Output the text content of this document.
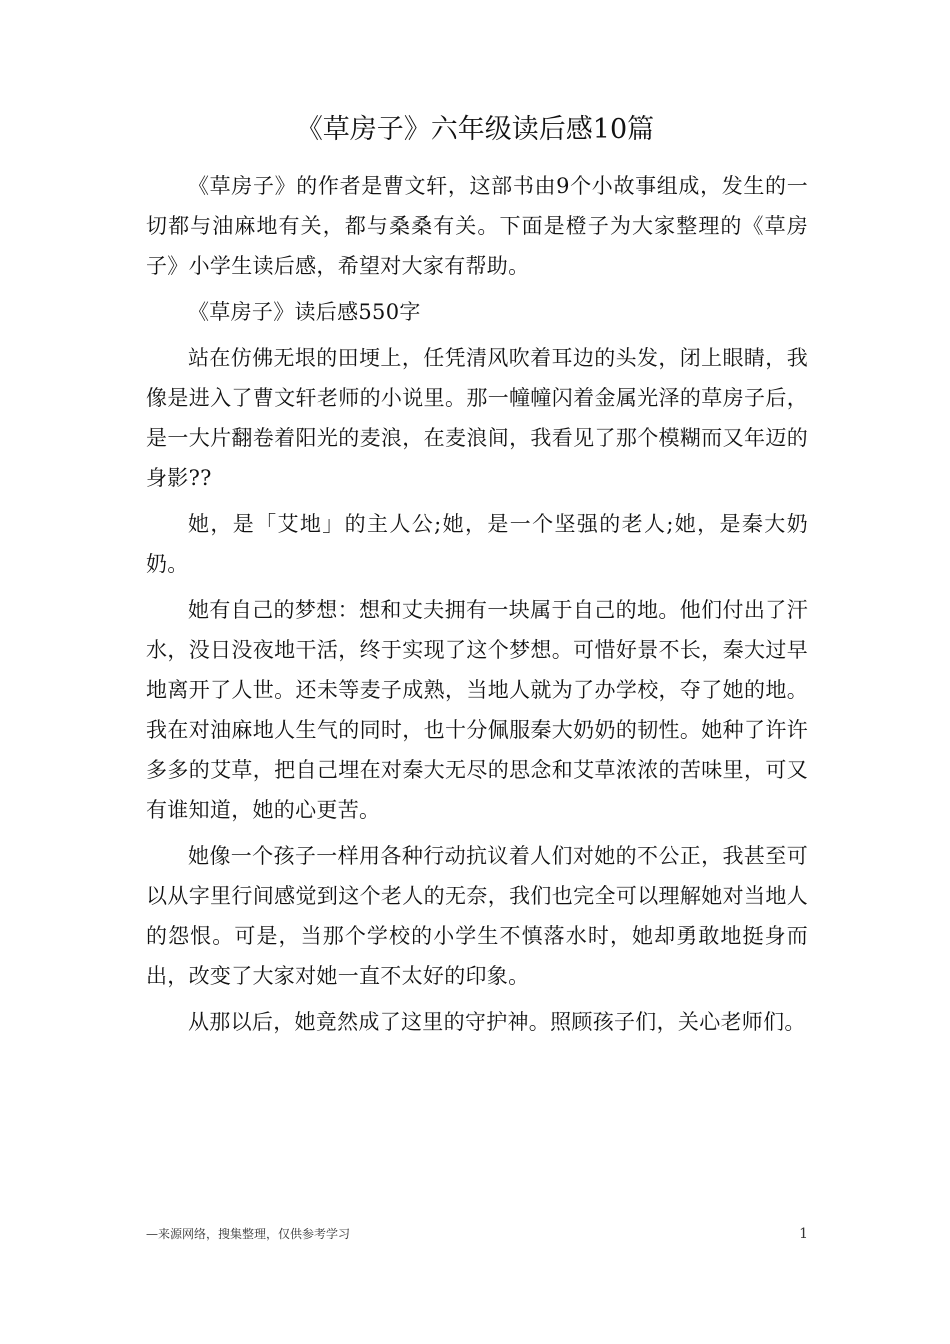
《草房子》六年级读后感10篇

《草房子》的作者是曹文轩，这部书由9个小故事组成，发生的一切都与油麻地有关，都与桑桑有关。下面是橙子为大家整理的《草房子》小学生读后感，希望对大家有帮助。

《草房子》读后感550字

站在仿佛无垠的田埂上，任凭清风吹着耳边的头发，闭上眼睛，我像是进入了曹文轩老师的小说里。那一幢幢闪着金属光泽的草房子后，是一大片翻卷着阳光的麦浪，在麦浪间，我看见了那个模糊而又年迈的身影??

她，是「艾地」的主人公;她，是一个坚强的老人;她，是秦大奶奶。

她有自己的梦想：想和丈夫拥有一块属于自己的地。他们付出了汗水，没日没夜地干活，终于实现了这个梦想。可惜好景不长，秦大过早地离开了人世。还未等麦子成熟，当地人就为了办学校，夺了她的地。我在对油麻地人生气的同时，也十分佩服秦大奶奶的韧性。她种了许许多多的艾草，把自己埋在对秦大无尽的思念和艾草浓浓的苦味里，可又有谁知道，她的心更苦。

她像一个孩子一样用各种行动抗议着人们对她的不公正，我甚至可以从字里行间感觉到这个老人的无奈，我们也完全可以理解她对当地人的怨恨。可是，当那个学校的小学生不慎落水时，她却勇敢地挺身而出，改变了大家对她一直不太好的印象。

从那以后，她竟然成了这里的守护神。照顾孩子们，关心老师们。

—来源网络，搜集整理，仅供参考学习	1
